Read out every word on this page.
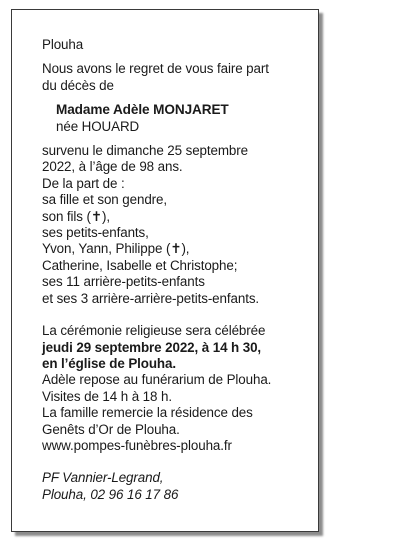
Plouha
Nous avons le regret de vous faire part
du décès de
Madame Adèle MONJARET
née HOUARD
survenu le dimanche 25 septembre
2022, à l’âge de 98 ans.
De la part de :
sa fille et son gendre,
son fils (✝),
ses petits-enfants,
Yvon, Yann, Philippe (✝),
Catherine, Isabelle et Christophe;
ses 11 arrière-petits-enfants
et ses 3 arrière-arrière-petits-enfants.
La cérémonie religieuse sera célébrée
jeudi 29 septembre 2022, à 14 h 30,
en l’église de Plouha.
Adèle repose au funérarium de Plouha.
Visites de 14 h à 18 h.
La famille remercie la résidence des
Genêts d’Or de Plouha.
www.pompes-funèbres-plouha.fr
PF Vannier-Legrand,
Plouha, 02 96 16 17 86
